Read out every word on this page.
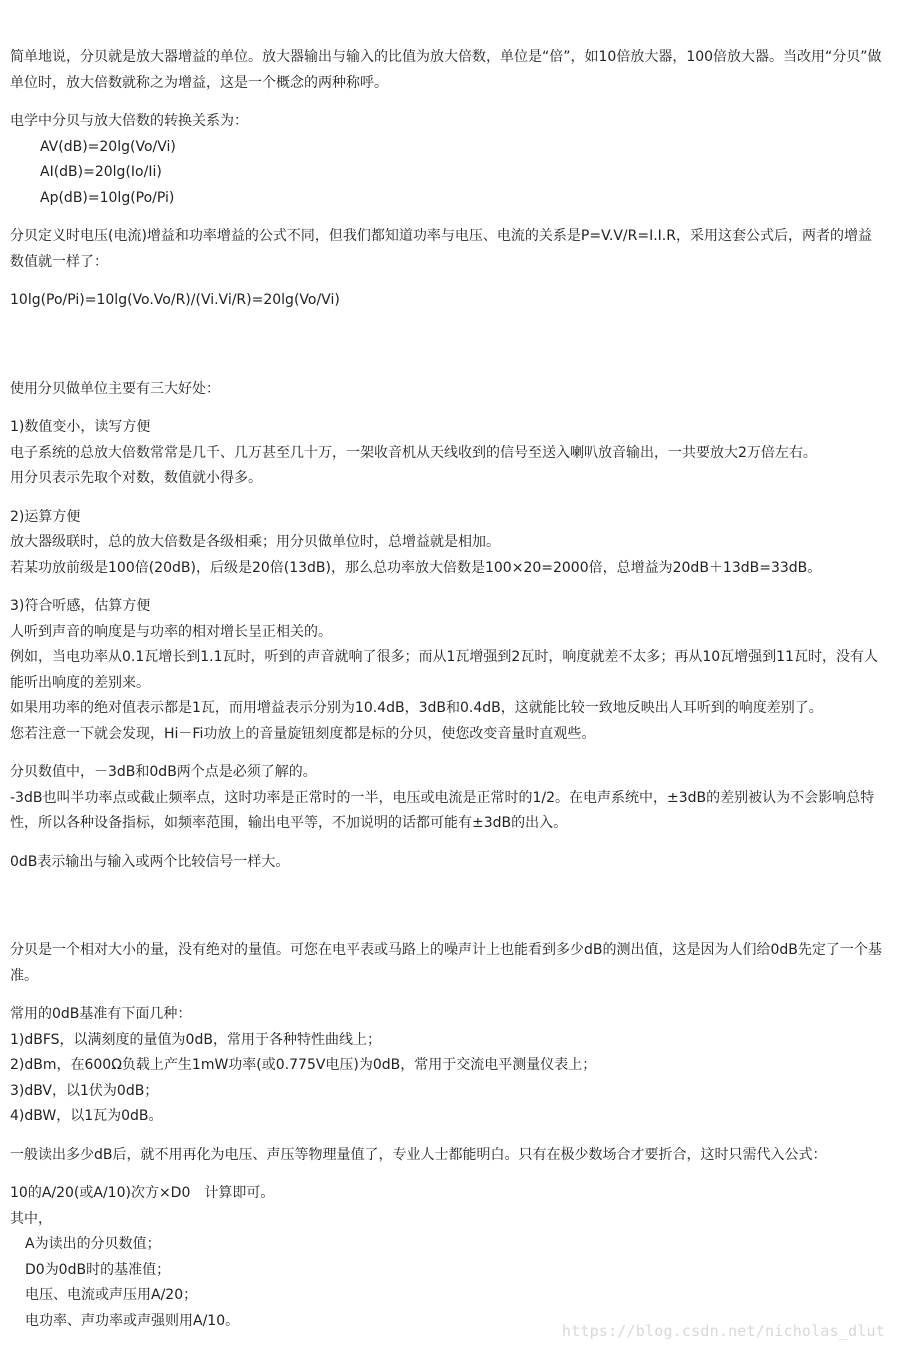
简单地说，分贝就是放大器增益的单位。放大器输出与输入的比值为放大倍数，单位是“倍”，如10倍放大器，100倍放大器。当改用“分贝”做单位时，放大倍数就称之为增益，这是一个概念的两种称呼。

电学中分贝与放大倍数的转换关系为：

AV(dB)=20lg(Vo/Vi)

AI(dB)=20lg(Io/Ii)

Ap(dB)=10lg(Po/Pi)

分贝定义时电压(电流)增益和功率增益的公式不同，但我们都知道功率与电压、电流的关系是P=V.V/R=I.I.R，采用这套公式后，两者的增益数值就一样了：

10lg(Po/Pi)=10lg(Vo.Vo/R)/(Vi.Vi/R)=20lg(Vo/Vi)

使用分贝做单位主要有三大好处：

1)数值变小，读写方便

电子系统的总放大倍数常常是几千、几万甚至几十万，一架收音机从天线收到的信号至送入喇叭放音输出，一共要放大2万倍左右。

用分贝表示先取个对数，数值就小得多。

2)运算方便

放大器级联时，总的放大倍数是各级相乘；用分贝做单位时，总增益就是相加。

若某功放前级是100倍(20dB)，后级是20倍(13dB)，那么总功率放大倍数是100×20=2000倍，总增益为20dB＋13dB=33dB。

3)符合听感，估算方便

人听到声音的响度是与功率的相对增长呈正相关的。

例如，当电功率从0.1瓦增长到1.1瓦时，听到的声音就响了很多；而从1瓦增强到2瓦时，响度就差不太多；再从10瓦增强到11瓦时，没有人能听出响度的差别来。

如果用功率的绝对值表示都是1瓦，而用增益表示分别为10.4dB，3dB和0.4dB，这就能比较一致地反映出人耳听到的响度差别了。

您若注意一下就会发现，Hi－Fi功放上的音量旋钮刻度都是标的分贝，使您改变音量时直观些。

分贝数值中，－3dB和0dB两个点是必须了解的。

-3dB也叫半功率点或截止频率点，这时功率是正常时的一半，电压或电流是正常时的1/2。在电声系统中，±3dB的差别被认为不会影响总特性，所以各种设备指标，如频率范围，输出电平等，不加说明的话都可能有±3dB的出入。

0dB表示输出与输入或两个比较信号一样大。

分贝是一个相对大小的量，没有绝对的量值。可您在电平表或马路上的噪声计上也能看到多少dB的测出值，这是因为人们给0dB先定了一个基准。

常用的0dB基准有下面几种：

1)dBFS，以满刻度的量值为0dB，常用于各种特性曲线上；

2)dBm，在600Ω负载上产生1mW功率(或0.775V电压)为0dB，常用于交流电平测量仪表上；

3)dBV，以1伏为0dB；

4)dBW，以1瓦为0dB。

一般读出多少dB后，就不用再化为电压、声压等物理量值了，专业人士都能明白。只有在极少数场合才要折合，这时只需代入公式：

10的A/20(或A/10)次方×D0　计算即可。

其中，

A为读出的分贝数值；

D0为0dB时的基准值；

电压、电流或声压用A/20；

电功率、声功率或声强则用A/10。

https://blog.csdn.net/nicholas_dlut
